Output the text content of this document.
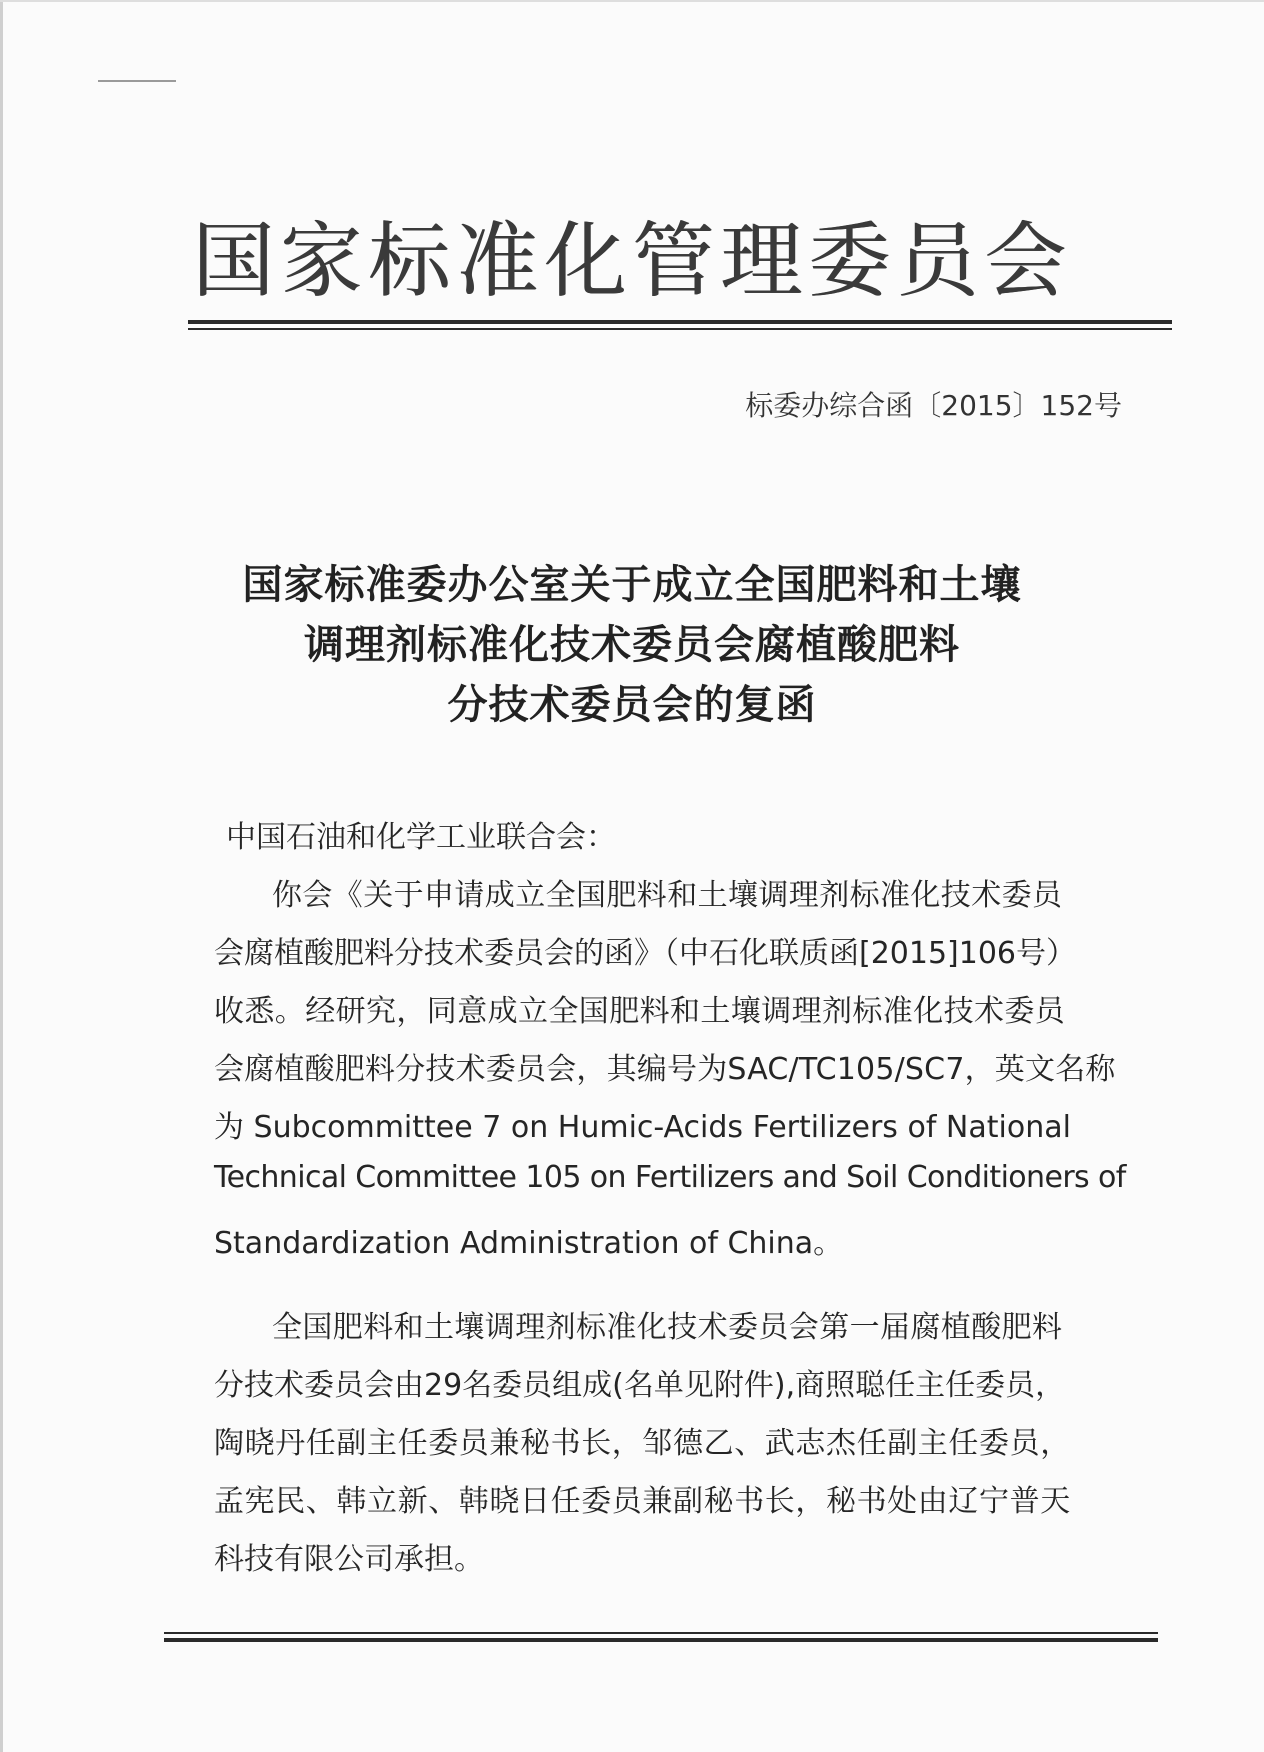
国家标准化管理委员会
标委办综合函〔2015〕152号
国家标准委办公室关于成立全国肥料和土壤
调理剂标准化技术委员会腐植酸肥料
分技术委员会的复函
中国石油和化学工业联合会：
你会《关于申请成立全国肥料和土壤调理剂标准化技术委员
会腐植酸肥料分技术委员会的函》（中石化联质函[2015]106号）
收悉。经研究，同意成立全国肥料和土壤调理剂标准化技术委员
会腐植酸肥料分技术委员会，其编号为SAC/TC105/SC7，英文名称
为 Subcommittee 7 on Humic-Acids Fertilizers of National
Technical Committee 105 on Fertilizers and Soil Conditioners of
Standardization Administration of China。
全国肥料和土壤调理剂标准化技术委员会第一届腐植酸肥料
分技术委员会由29名委员组成(名单见附件),商照聪任主任委员，
陶晓丹任副主任委员兼秘书长，邹德乙、武志杰任副主任委员，
孟宪民、韩立新、韩晓日任委员兼副秘书长，秘书处由辽宁普天
科技有限公司承担。
